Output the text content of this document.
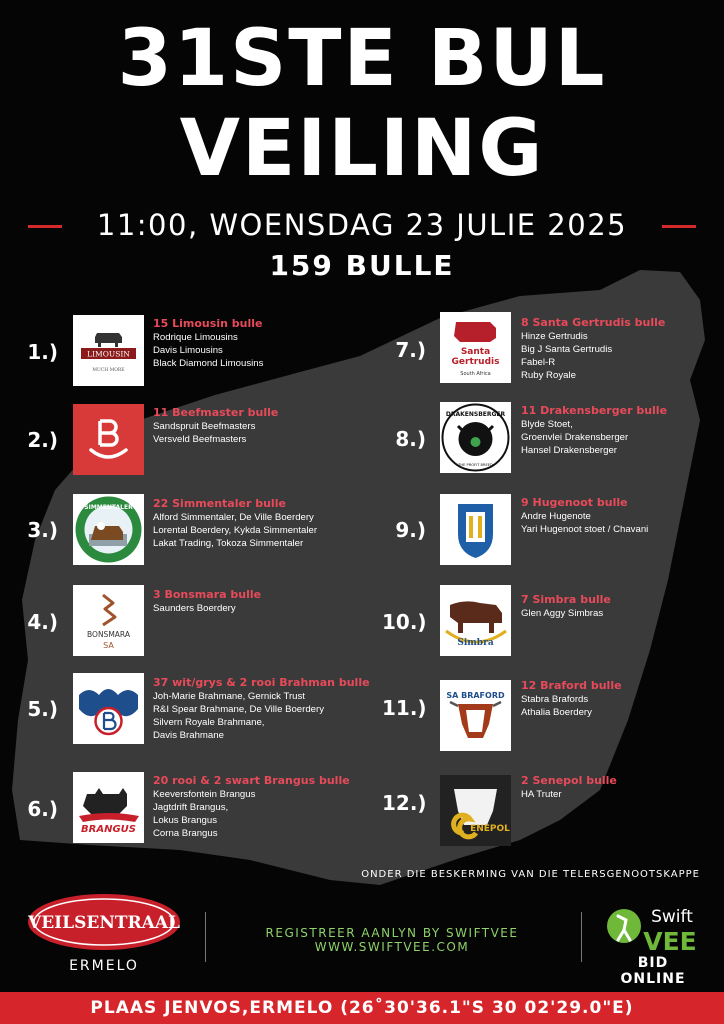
31STE BUL
VEILING
11:00, WOENSDAG 23 JULIE 2025
159 BULLE
1.)	LIMOUSIN
MUCH MORE
15 Limousin bulle
Rodrique Limousins
Davis Limousins
Black Diamond Limousins
2.)
11 Beefmaster bulle
Sandspruit Beefmasters
Versveld Beefmasters
3.)
SIMMENTALER 22 Simmentaler bulle
Alford Simmentaler, De Ville Boerdery
Lorental Boerdery, Kykda Simmentaler
Lakat Trading, Tokoza Simmentaler
4.)
BONSMARA
SA
3 Bonsmara bulle
Saunders Boerdery
5.)
37 wit/grys & 2 rooi Brahman bulle
Joh-Marie Brahmane, Gernick Trust
R&I Spear Brahmane, De Ville Boerdery
Silvern Royale Brahmane,
Davis Brahmane
6.)
BRANGUS
20 rooi & 2 swart Brangus bulle
Keeversfontein Brangus
Jagtdrift Brangus,
Lokus Brangus
Corna Brangus
7.)	Santa
Gertrudis
South Africa
8 Santa Gertrudis bulle
Hinze Gertrudis
Big J Santa Gertrudis
Fabel-R
Ruby Royale
8.)
DRAKENSBERGER
THE PROFIT BREED
11 Drakensberger bulle
Blyde Stoet,
Groenvlei Drakensberger
Hansel Drakensberger
9.)
9 Hugenoot bulle
Andre Hugenote
Yari Hugenoot stoet / Chavani
10.)
Simbra
7 Simbra bulle
Glen Aggy Simbras
11.)
SA BRAFORD
12 Braford bulle
Stabra Brafords
Athalia Boerdery
12.)
ENEPOL
2 Senepol bulle
HA Truter
ONDER DIE BESKERMING VAN DIE TELERSGENOOTSKAPPE
VEILSENTRAAL
ERMELO
REGISTREER AANLYN BY SWIFTVEE
WWW.SWIFTVEE.COM
Swift
VEE
BID ONLINE
PLAAS JENVOS,ERMELO (26˚30'36.1"S 30 02'29.0"E)
